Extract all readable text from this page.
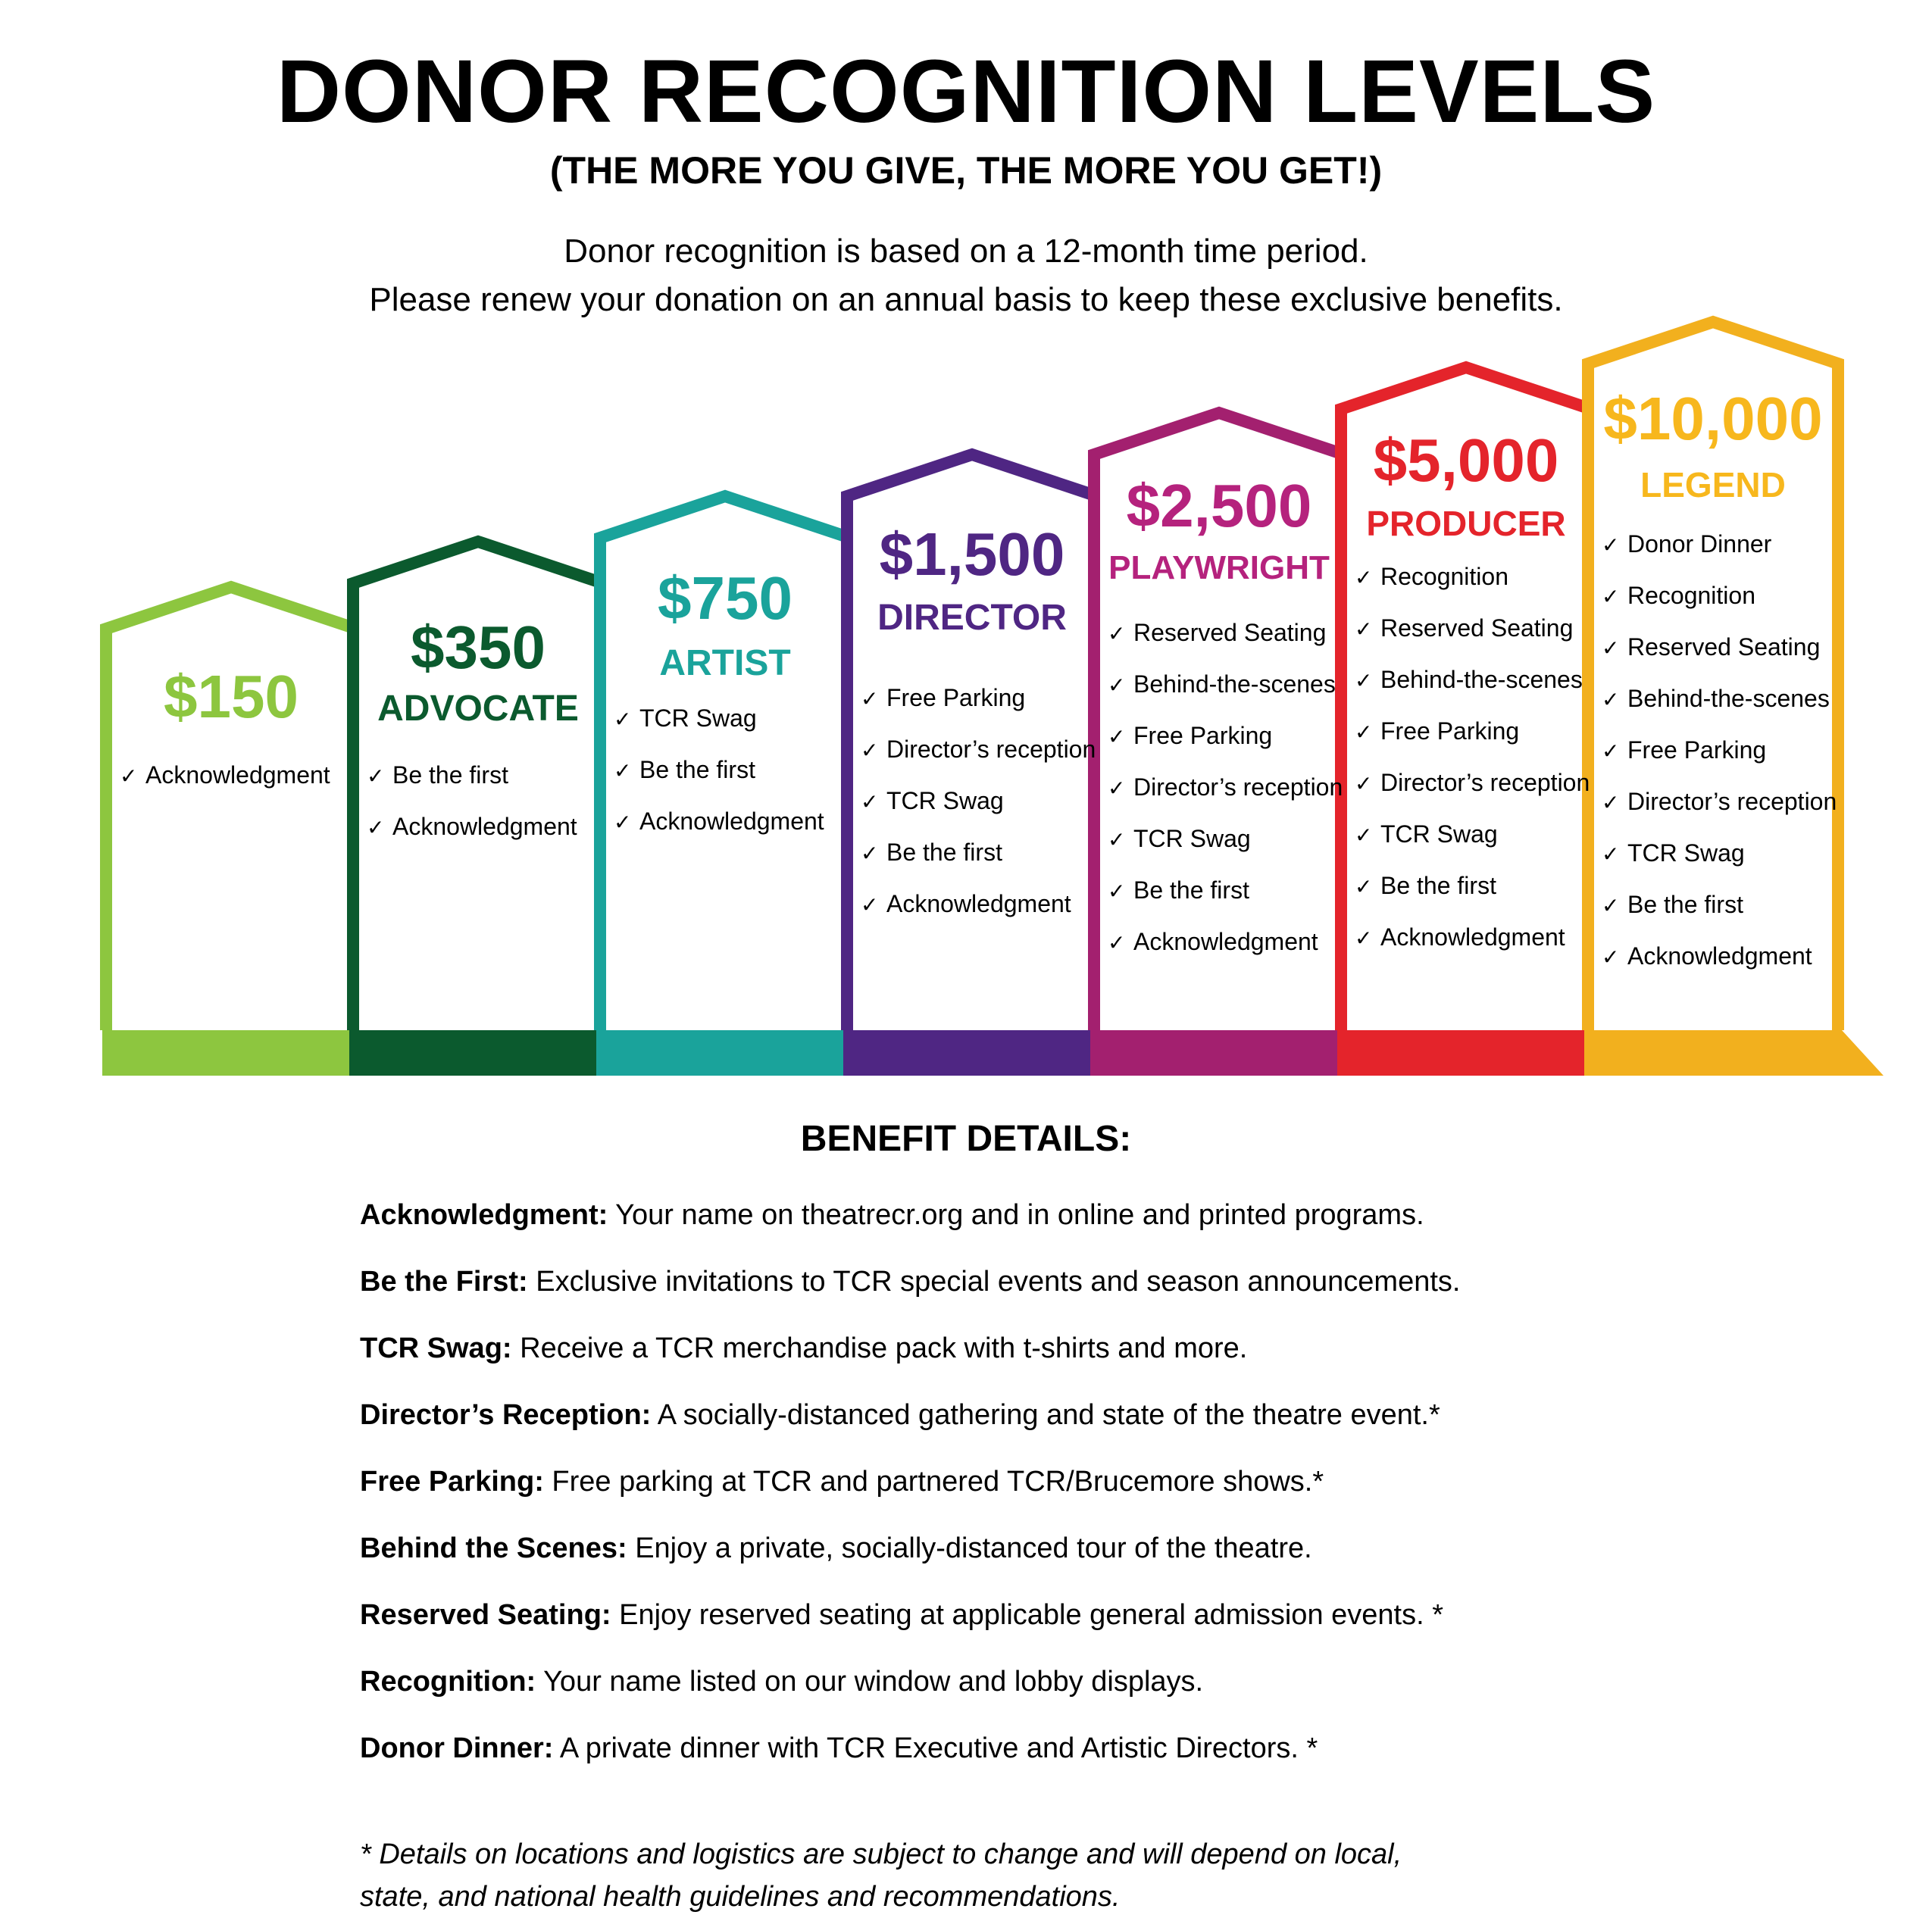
DONOR RECOGNITION LEVELS
(THE MORE YOU GIVE, THE MORE YOU GET!)

Donor recognition is based on a 12-month time period.

Please renew your donation on an annual basis to keep these exclusive benefits.

$150
✓ Acknowledgment
$350
ADVOCATE
✓ Be the first
✓ Acknowledgment
$750
ARTIST
✓ TCR Swag
✓ Be the first
✓ Acknowledgment
$1,500
DIRECTOR
✓ Free Parking
✓ Director’s reception
✓ TCR Swag
✓ Be the first
✓ Acknowledgment
$2,500
PLAYWRIGHT
✓ Reserved Seating
✓ Behind-the-scenes
✓ Free Parking
✓ Director’s reception
✓ TCR Swag
✓ Be the first
✓ Acknowledgment
$5,000
PRODUCER
✓ Recognition
✓ Reserved Seating
✓ Behind-the-scenes
✓ Free Parking
✓ Director’s reception
✓ TCR Swag
✓ Be the first
✓ Acknowledgment
$10,000
LEGEND
✓ Donor Dinner
✓ Recognition
✓ Reserved Seating
✓ Behind-the-scenes
✓ Free Parking
✓ Director’s reception
✓ TCR Swag
✓ Be the first
✓ Acknowledgment
BENEFIT DETAILS:
Acknowledgment: Your name on theatrecr.org and in online and printed programs.
Be the First: Exclusive invitations to TCR special events and season announcements.
TCR Swag: Receive a TCR merchandise pack with t-shirts and more.
Director’s Reception: A socially-distanced gathering and state of the theatre event.*
Free Parking: Free parking at TCR and partnered TCR/Brucemore shows.*
Behind the Scenes: Enjoy a private, socially-distanced tour of the theatre.
Reserved Seating: Enjoy reserved seating at applicable general admission events. *
Recognition: Your name listed on our window and lobby displays.
Donor Dinner: A private dinner with TCR Executive and Artistic Directors. *
* Details on locations and logistics are subject to change and will depend on local,
state, and national health guidelines and recommendations.
